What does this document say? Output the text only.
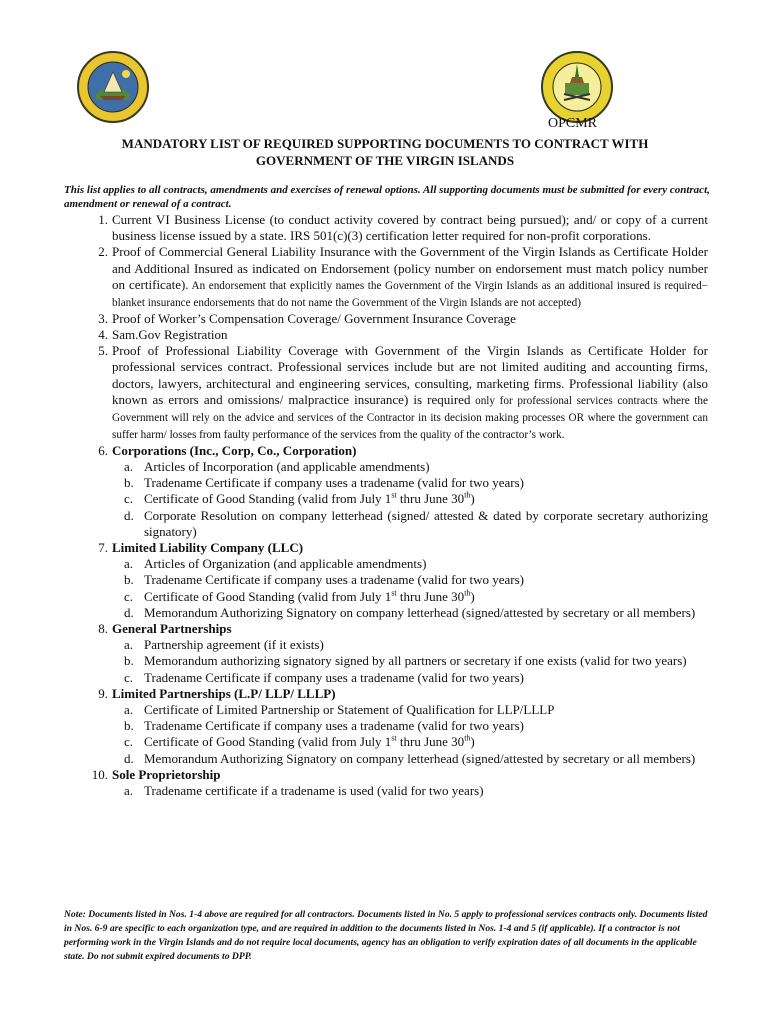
OPCMR
MANDATORY LIST OF REQUIRED SUPPORTING DOCUMENTS TO CONTRACT WITH
GOVERNMENT OF THE VIRGIN ISLANDS
This list applies to all contracts, amendments and exercises of renewal options. All supporting documents must be submitted for every contract, amendment or renewal of a contract.
1. Current VI Business License (to conduct activity covered by contract being pursued); and/ or copy of a current business license issued by a state. IRS 501(c)(3) certification letter required for non-profit corporations.
2. Proof of Commercial General Liability Insurance with the Government of the Virgin Islands as Certificate Holder and Additional Insured as indicated on Endorsement (policy number on endorsement must match policy number on certificate). An endorsement that explicitly names the Government of the Virgin Islands as an additional insured is required− blanket insurance endorsements that do not name the Government of the Virgin Islands are not accepted)
3. Proof of Worker’s Compensation Coverage/ Government Insurance Coverage
4. Sam.Gov Registration
5. Proof of Professional Liability Coverage with Government of the Virgin Islands as Certificate Holder for professional services contract. Professional services include but are not limited auditing and accounting firms, doctors, lawyers, architectural and engineering services, consulting, marketing firms. Professional liability (also known as errors and omissions/ malpractice insurance) is required only for professional services contracts where the Government will rely on the advice and services of the Contractor in its decision making processes OR where the government can suffer harm/ losses from faulty performance of the services from the quality of the contractor’s work.
6. Corporations (Inc., Corp, Co., Corporation)
a. Articles of Incorporation (and applicable amendments)
b. Tradename Certificate if company uses a tradename (valid for two years)
c. Certificate of Good Standing (valid from July 1st thru June 30th)
d. Corporate Resolution on company letterhead (signed/ attested & dated by corporate secretary authorizing signatory)
7. Limited Liability Company (LLC)
a. Articles of Organization (and applicable amendments)
b. Tradename Certificate if company uses a tradename (valid for two years)
c. Certificate of Good Standing (valid from July 1st thru June 30th)
d. Memorandum Authorizing Signatory on company letterhead (signed/attested by secretary or all members)
8. General Partnerships
a. Partnership agreement (if it exists)
b. Memorandum authorizing signatory signed by all partners or secretary if one exists (valid for two years)
c. Tradename Certificate if company uses a tradename (valid for two years)
9. Limited Partnerships (L.P/ LLP/ LLLP)
a. Certificate of Limited Partnership or Statement of Qualification for LLP/LLLP
b. Tradename Certificate if company uses a tradename (valid for two years)
c. Certificate of Good Standing (valid from July 1st thru June 30th)
d. Memorandum Authorizing Signatory on company letterhead (signed/attested by secretary or all members)
10. Sole Proprietorship
a. Tradename certificate if a tradename is used (valid for two years)
Note: Documents listed in Nos. 1-4 above are required for all contractors. Documents listed in No. 5 apply to professional services contracts only. Documents listed in Nos. 6-9 are specific to each organization type, and are required in addition to the documents listed in Nos. 1-4 and 5 (if applicable). If a contractor is not performing work in the Virgin Islands and do not require local documents, agency has an obligation to verify expiration dates of all documents in the applicable state. Do not submit expired documents to DPP.
